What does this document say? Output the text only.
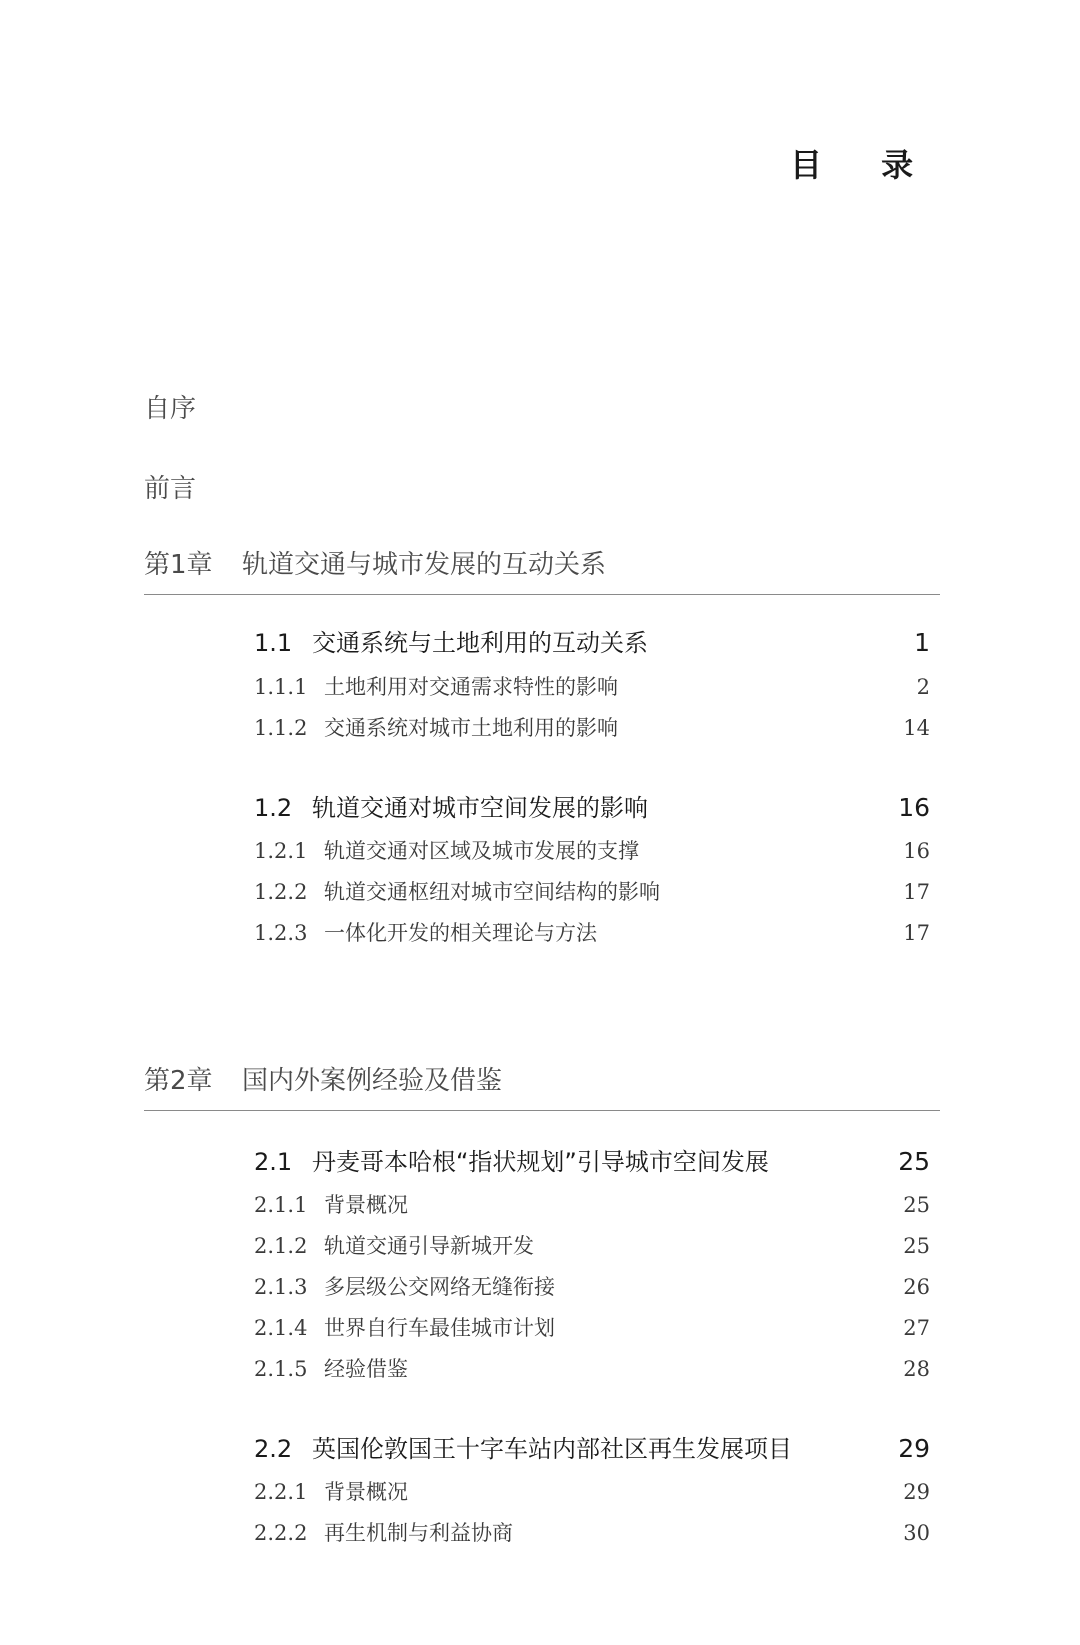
目 录
自序
前言
第1章 轨道交通与城市发展的互动关系
1.1 交通系统与土地利用的互动关系	1
1.1.1 土地利用对交通需求特性的影响	2
1.1.2 交通系统对城市土地利用的影响	14
1.2 轨道交通对城市空间发展的影响	16
1.2.1 轨道交通对区域及城市发展的支撑	16
1.2.2 轨道交通枢纽对城市空间结构的影响	17
1.2.3 一体化开发的相关理论与方法	17
第2章 国内外案例经验及借鉴
2.1 丹麦哥本哈根“指状规划”引导城市空间发展	25
2.1.1 背景概况	25
2.1.2 轨道交通引导新城开发	25
2.1.3 多层级公交网络无缝衔接	26
2.1.4 世界自行车最佳城市计划	27
2.1.5 经验借鉴	28
2.2 英国伦敦国王十字车站内部社区再生发展项目	29
2.2.1 背景概况	29
2.2.2 再生机制与利益协商	30
